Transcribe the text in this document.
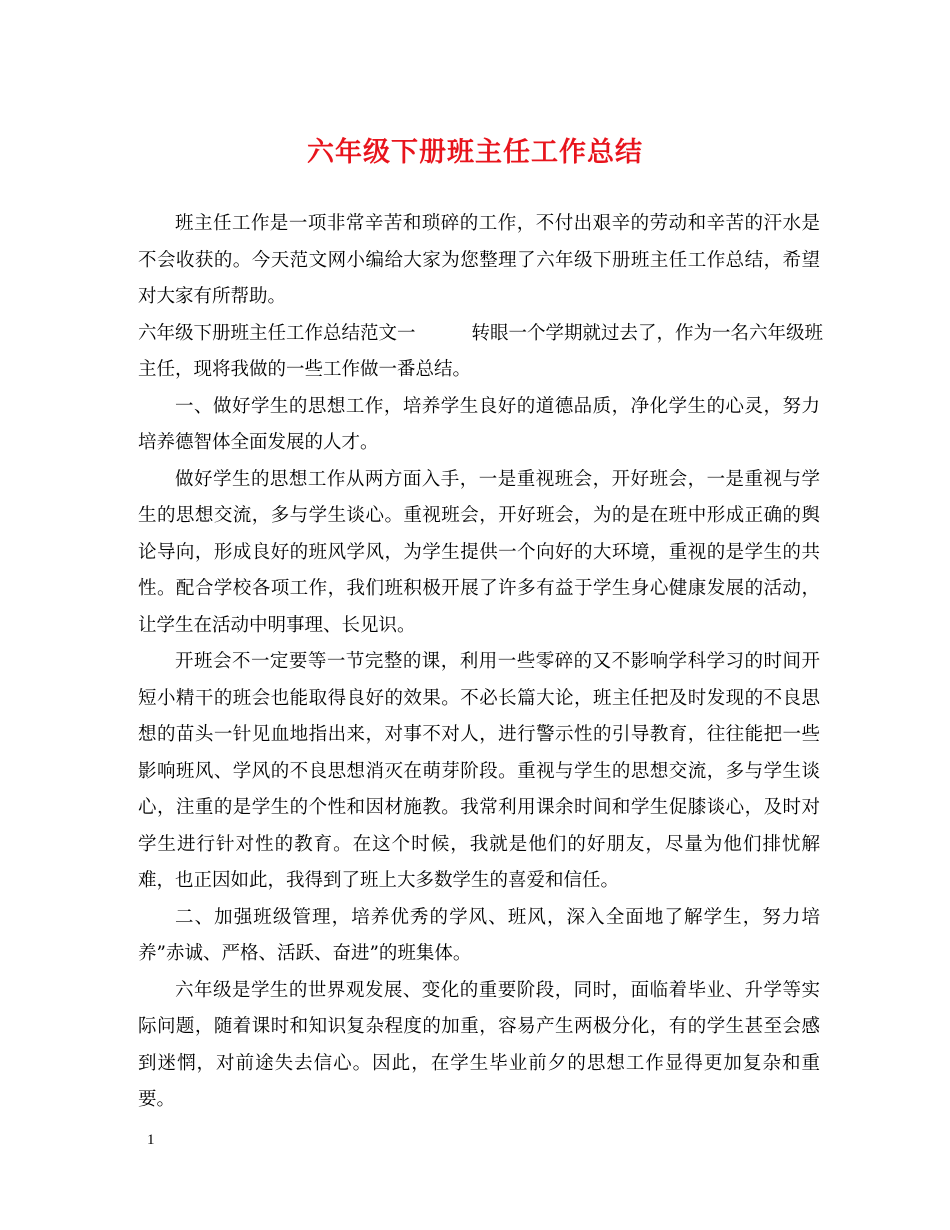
六年级下册班主任工作总结

班主任工作是一项非常辛苦和琐碎的工作，不付出艰辛的劳动和辛苦的汗水是不会收获的。今天范文网小编给大家为您整理了六年级下册班主任工作总结，希望对大家有所帮助。

六年级下册班主任工作总结范文一	转眼一个学期就过去了，作为一名六年级班

主任，现将我做的一些工作做一番总结。

一、做好学生的思想工作，培养学生良好的道德品质，净化学生的心灵，努力培养德智体全面发展的人才。

做好学生的思想工作从两方面入手，一是重视班会，开好班会，一是重视与学生的思想交流，多与学生谈心。重视班会，开好班会，为的是在班中形成正确的舆论导向，形成良好的班风学风，为学生提供一个向好的大环境，重视的是学生的共性。配合学校各项工作，我们班积极开展了许多有益于学生身心健康发展的活动，让学生在活动中明事理、长见识。

开班会不一定要等一节完整的课，利用一些零碎的又不影响学科学习的时间开短小精干的班会也能取得良好的效果。不必长篇大论，班主任把及时发现的不良思想的苗头一针见血地指出来，对事不对人，进行警示性的引导教育，往往能把一些影响班风、学风的不良思想消灭在萌芽阶段。重视与学生的思想交流，多与学生谈心，注重的是学生的个性和因材施教。我常利用课余时间和学生促膝谈心，及时对学生进行针对性的教育。在这个时候，我就是他们的好朋友，尽量为他们排忧解难，也正因如此，我得到了班上大多数学生的喜爱和信任。

二、加强班级管理，培养优秀的学风、班风，深入全面地了解学生，努力培养”赤诚、严格、活跃、奋进”的班集体。

六年级是学生的世界观发展、变化的重要阶段，同时，面临着毕业、升学等实际问题，随着课时和知识复杂程度的加重，容易产生两极分化，有的学生甚至会感到迷惘，对前途失去信心。因此，在学生毕业前夕的思想工作显得更加复杂和重要。

1
